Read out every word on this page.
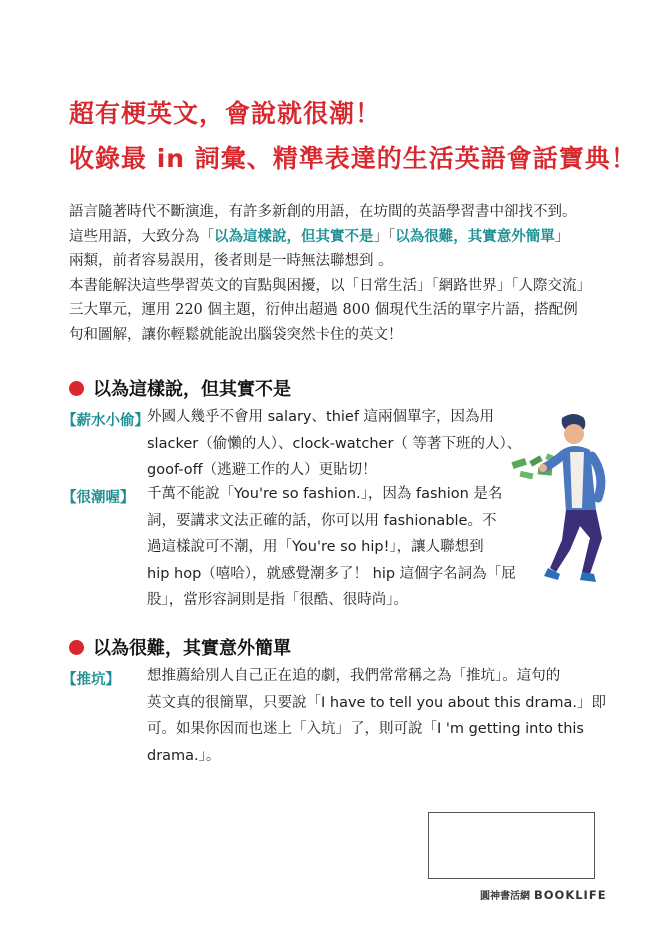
超有梗英文，會說就很潮！
收錄最 in 詞彙、精準表達的生活英語會話寶典！
語言隨著時代不斷演進，有許多新創的用語，在坊間的英語學習書中卻找不到。
這些用語，大致分為「以為這樣說，但其實不是」「以為很難，其實意外簡單」
兩類，前者容易誤用，後者則是一時無法聯想到 。
本書能解決這些學習英文的盲點與困擾，以「日常生活」「網路世界」「人際交流」
三大單元，運用 220 個主題，衍伸出超過 800 個現代生活的單字片語，搭配例
句和圖解，讓你輕鬆就能說出腦袋突然卡住的英文！
以為這樣說，但其實不是
【薪水小偷】
外國人幾乎不會用 salary、thief 這兩個單字，因為用
slacker（偷懶的人）、clock-watcher（ 等著下班的人）、
goof-off（逃避工作的人）更貼切！
【很潮喔】 千萬不能說「You're so fashion.」，因為 fashion 是名
詞，要講求文法正確的話，你可以用 fashionable。不
過這樣說可不潮，用「You're so hip!」，讓人聯想到
hip hop（嘻哈），就感覺潮多了！ hip 這個字名詞為「屁
股」，當形容詞則是指「很酷、很時尚」。
以為很難，其實意外簡單
【推坑】 想推薦給別人自己正在追的劇，我們常常稱之為「推坑」。這句的
英文真的很簡單，只要說「I have to tell you about this drama.」即
可。如果你因而也迷上「入坑」了，則可說「I 'm getting into this
drama.」。
圓神書活網 BOOKLIFE
